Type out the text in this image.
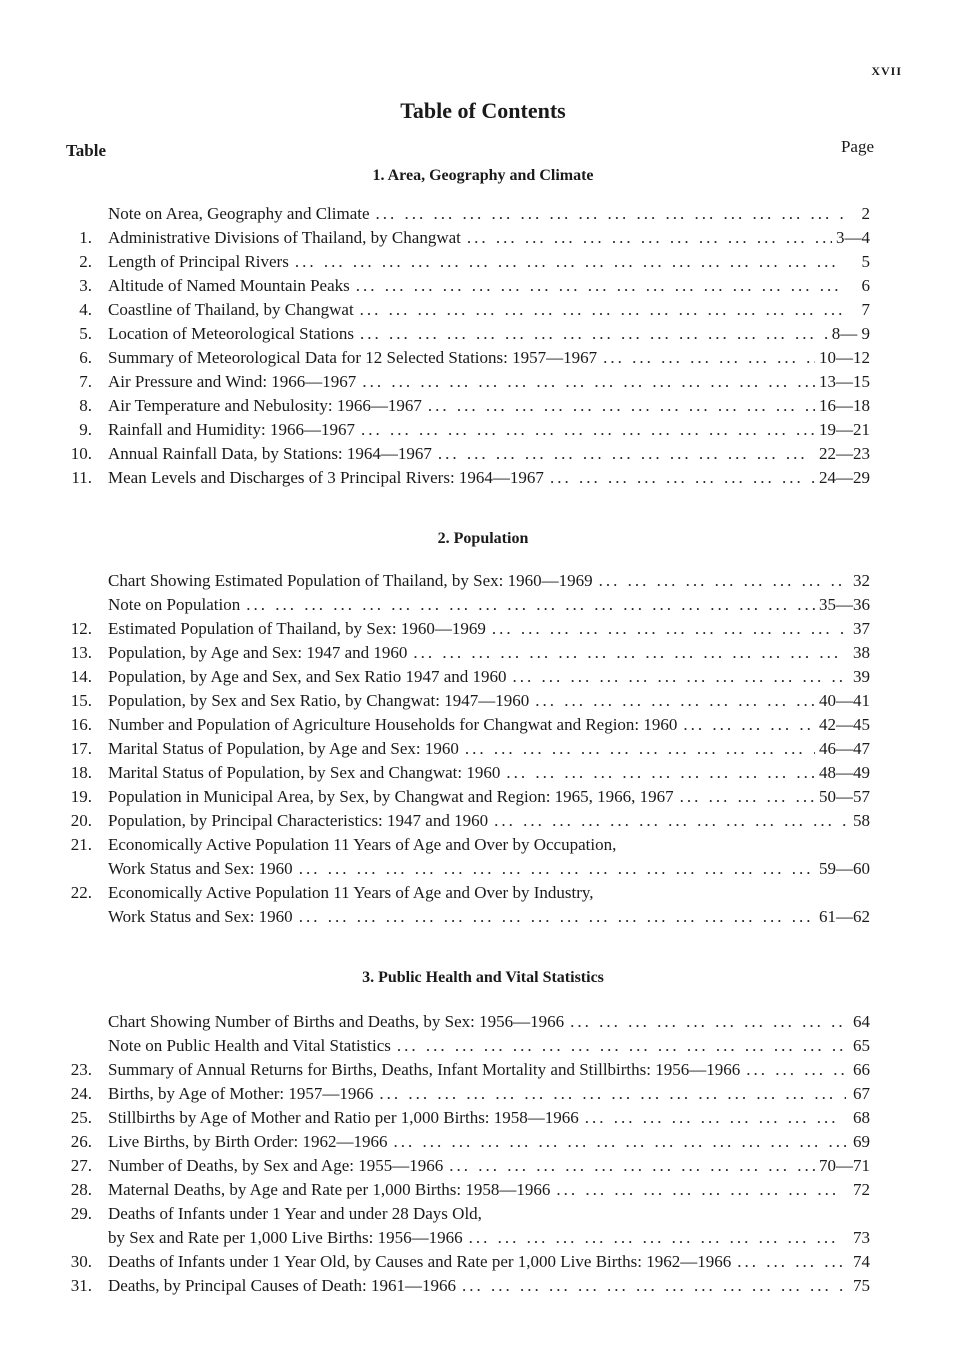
XVII
Table of Contents
Table	Page
1. Area, Geography and Climate
Note on Area, Geography and Climate ... .	2
1. Administrative Divisions of Thailand, by Changwat ... .	3—4
2. Length of Principal Rivers ... .	5
3. Altitude of Named Mountain Peaks ... .	6
4. Coastline of Thailand, by Changwat ... .	7
5. Location of Meteorological Stations ... .	8— 9
6. Summary of Meteorological Data for 12 Selected Stations: 1957—1967 ... .	10—12
7. Air Pressure and Wind: 1966—1967 ... .	13—15
8. Air Temperature and Nebulosity: 1966—1967 ... .	16—18
9. Rainfall and Humidity: 1966—1967 ... .	19—21
10. Annual Rainfall Data, by Stations: 1964—1967 ... .	22—23
11. Mean Levels and Discharges of 3 Principal Rivers: 1964—1967 ... .	24—29
2. Population
Chart Showing Estimated Population of Thailand, by Sex: 1960—1969 ... .	32
Note on Population ... .	35—36
12. Estimated Population of Thailand, by Sex: 1960—1969 ... .	37
13. Population, by Age and Sex: 1947 and 1960 ... .	38
14. Population, by Age and Sex, and Sex Ratio 1947 and 1960 ... .	39
15. Population, by Sex and Sex Ratio, by Changwat: 1947—1960 ... .	40—41
16. Number and Population of Agriculture Households for Changwat and Region: 1960 ... .	42—45
17. Marital Status of Population, by Age and Sex: 1960 ... .	46—47
18. Marital Status of Population, by Sex and Changwat: 1960 ... .	48—49
19. Population in Municipal Area, by Sex, by Changwat and Region: 1965, 1966, 1967 ... .	50—57
20. Population, by Principal Characteristics: 1947 and 1960 ... .	58
21. Economically Active Population 11 Years of Age and Over by Occupation,
Work Status and Sex: 1960 ... .	59—60
22. Economically Active Population 11 Years of Age and Over by Industry,
Work Status and Sex: 1960 ... .	61—62
3. Public Health and Vital Statistics
Chart Showing Number of Births and Deaths, by Sex: 1956—1966 ... .	64
Note on Public Health and Vital Statistics ... .	65
23. Summary of Annual Returns for Births, Deaths, Infant Mortality and Stillbirths: 1956—1966 ... .	66
24. Births, by Age of Mother: 1957—1966 ... .	67
25. Stillbirths by Age of Mother and Ratio per 1,000 Births: 1958—1966 ... .	68
26. Live Births, by Birth Order: 1962—1966 ... .	69
27. Number of Deaths, by Sex and Age: 1955—1966 ... .	70—71
28. Maternal Deaths, by Age and Rate per 1,000 Births: 1958—1966 ... .	72
29. Deaths of Infants under 1 Year and under 28 Days Old,
by Sex and Rate per 1,000 Live Births: 1956—1966 ... .	73
30. Deaths of Infants under 1 Year Old, by Causes and Rate per 1,000 Live Births: 1962—1966 ... .	74
31. Deaths, by Principal Causes of Death: 1961—1966 ... .	75
